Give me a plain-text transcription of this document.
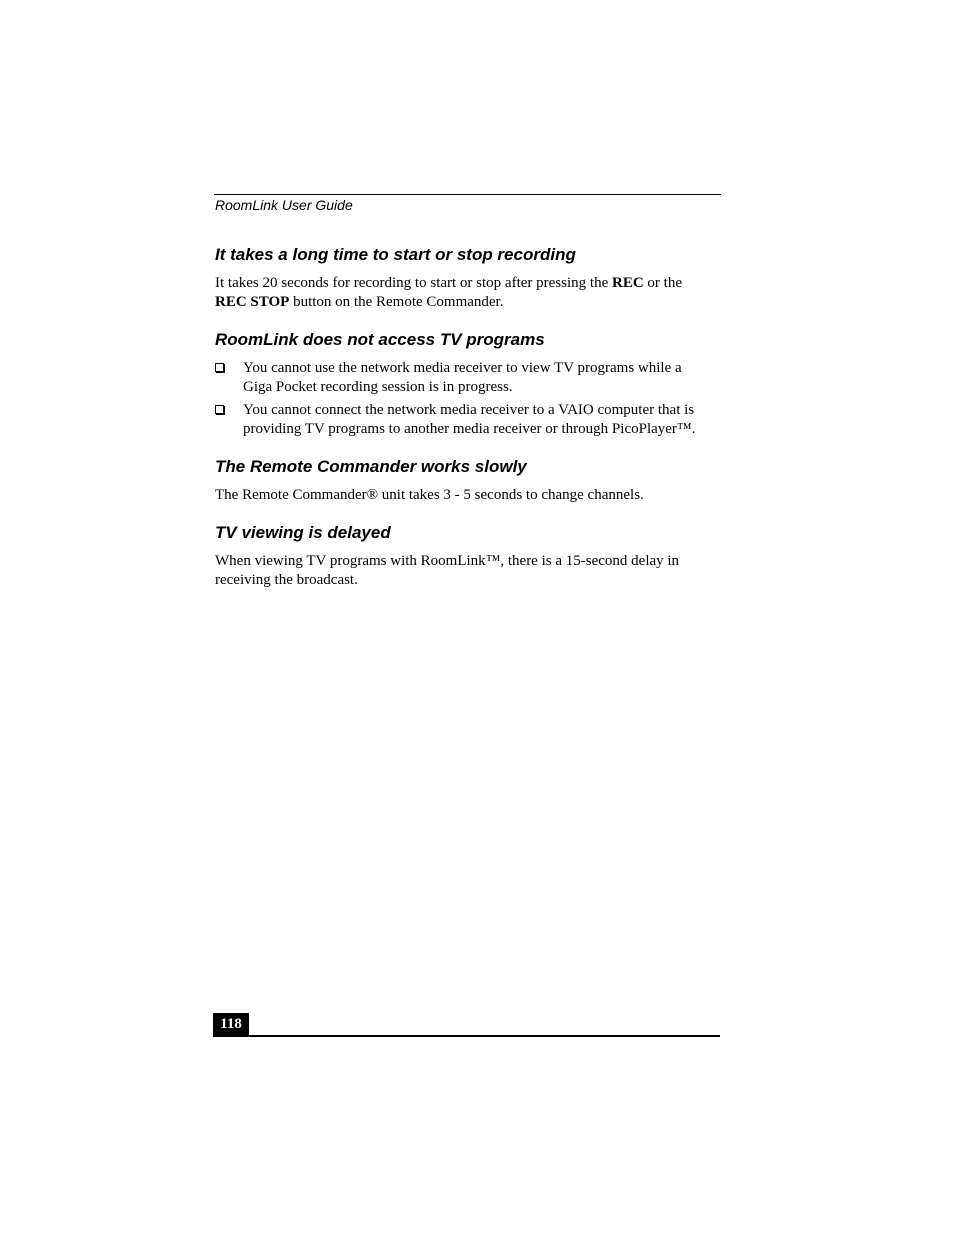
RoomLink User Guide
It takes a long time to start or stop recording

It takes 20 seconds for recording to start or stop after pressing the REC or the
REC STOP button on the Remote Commander.

RoomLink does not access TV programs
You cannot use the network media receiver to view TV programs while a
Giga Pocket recording session is in progress.
You cannot connect the network media receiver to a VAIO computer that is
providing TV programs to another media receiver or through PicoPlayer™.
The Remote Commander works slowly

The Remote Commander® unit takes 3 - 5 seconds to change channels.

TV viewing is delayed

When viewing TV programs with RoomLink™, there is a 15-second delay in
receiving the broadcast.

118
